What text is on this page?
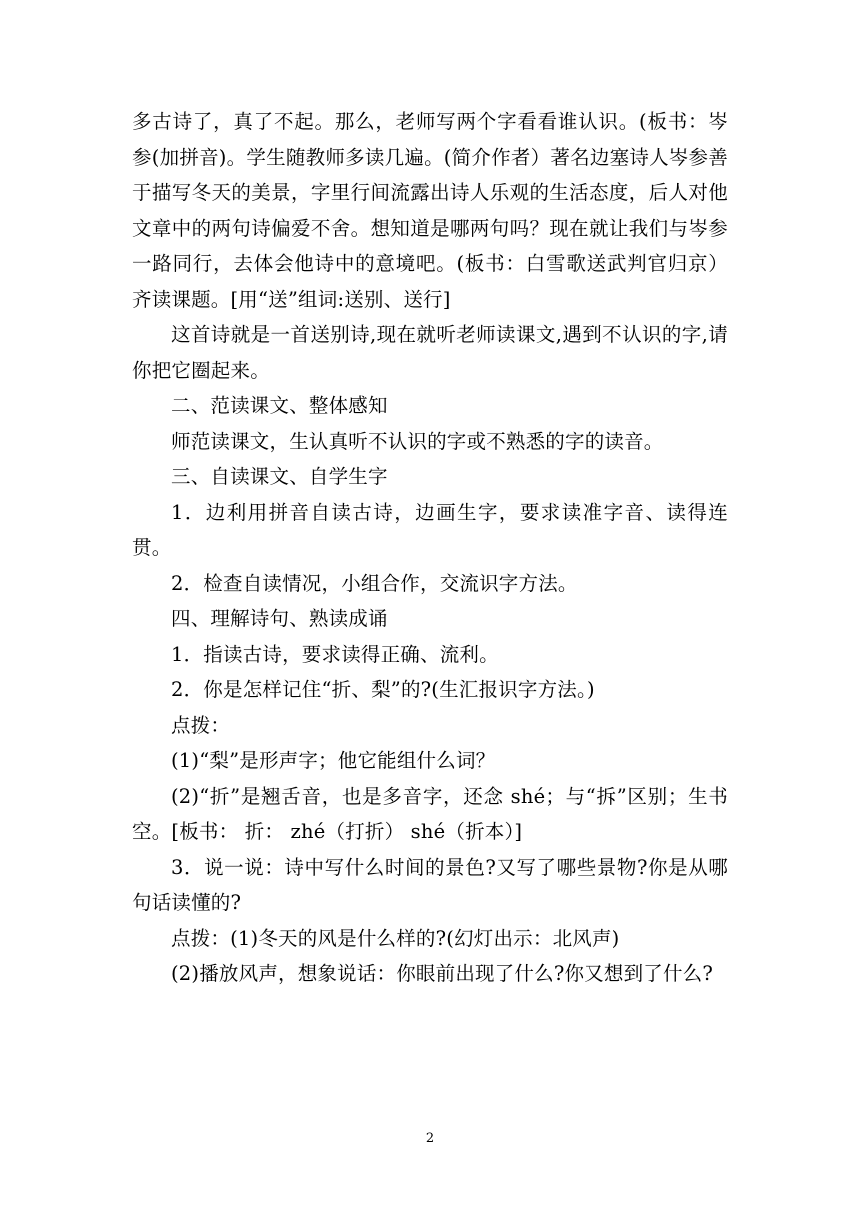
多古诗了，真了不起。那么，老师写两个字看看谁认识。(板书：岑参(加拼音)。学生随教师多读几遍。(简介作者）著名边塞诗人岑参善于描写冬天的美景，字里行间流露出诗人乐观的生活态度，后人对他文章中的两句诗偏爱不舍。想知道是哪两句吗？现在就让我们与岑参一路同行，去体会他诗中的意境吧。(板书：白雪歌送武判官归京）齐读课题。[用“送”组词:送别、送行]

这首诗就是一首送别诗,现在就听老师读课文,遇到不认识的字,请你把它圈起来。

二、范读课文、整体感知

师范读课文，生认真听不认识的字或不熟悉的字的读音。

三、自读课文、自学生字

1．边利用拼音自读古诗，边画生字，要求读准字音、读得连贯。

2．检查自读情况，小组合作，交流识字方法。

四、理解诗句、熟读成诵

1．指读古诗，要求读得正确、流利。

2．你是怎样记住“折、梨”的?(生汇报识字方法。)

点拨：

(1)“梨”是形声字；他它能组什么词？

(2)“折”是翘舌音，也是多音字，还念 shé；与“拆”区别；生书空。[板书： 折： zhé（打折） shé（折本）]

3．说一说：诗中写什么时间的景色?又写了哪些景物?你是从哪句话读懂的?

点拨：(1)冬天的风是什么样的?(幻灯出示：北风声)

(2)播放风声，想象说话：你眼前出现了什么?你又想到了什么?

2
